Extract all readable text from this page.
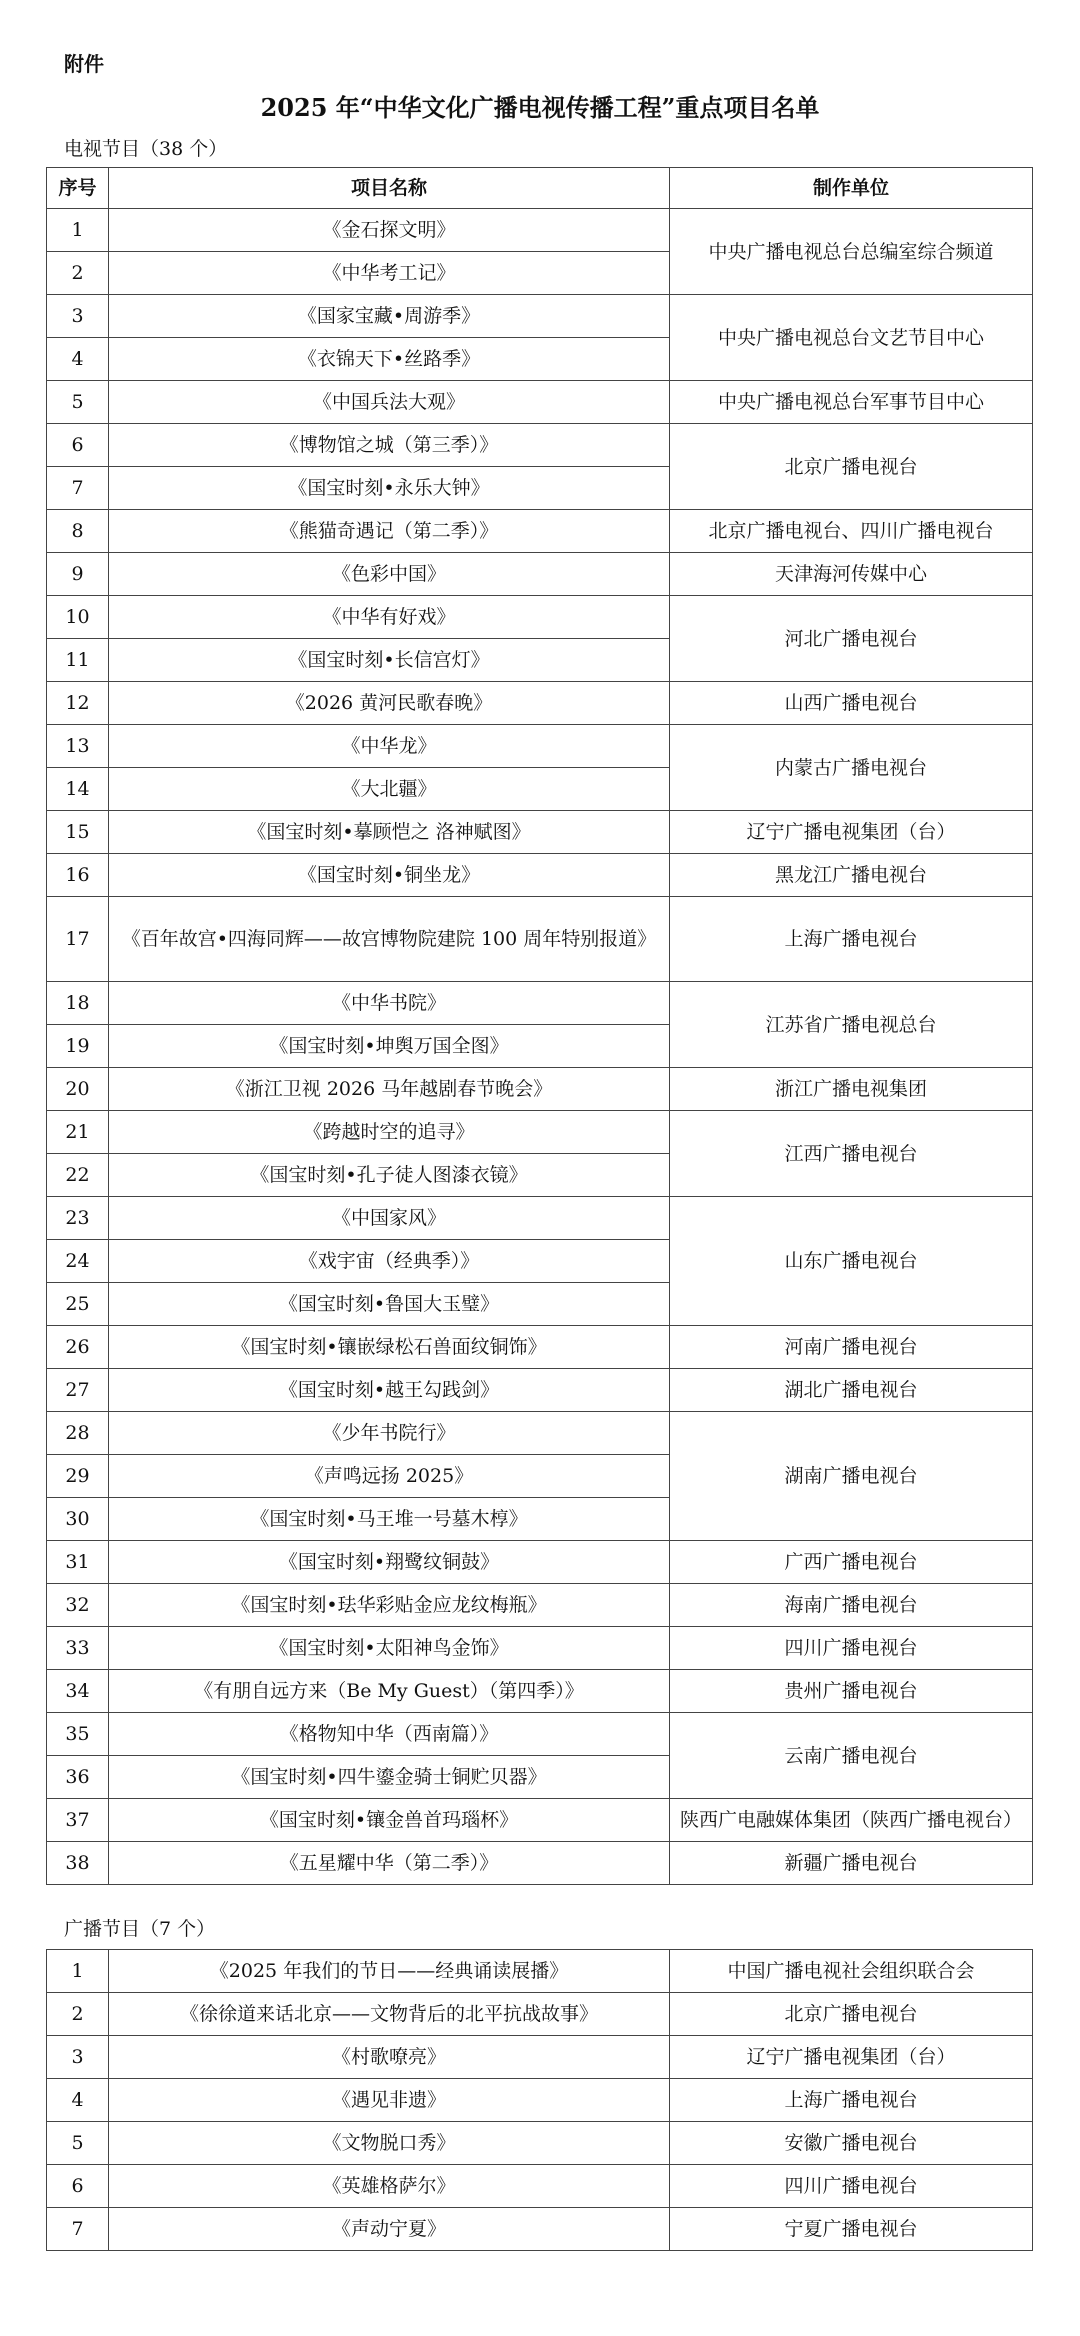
附件
2025 年“中华文化广播电视传播工程”重点项目名单
电视节目（38 个）
序号	项目名称	制作单位
1	《金石探文明》	中央广播电视总台总编室综合频道
2	《中华考工记》	
3	《国家宝藏•周游季》	中央广播电视总台文艺节目中心
4	《衣锦天下•丝路季》	
5	《中国兵法大观》	中央广播电视总台军事节目中心
6	《博物馆之城（第三季）》	北京广播电视台
7	《国宝时刻•永乐大钟》	
8	《熊猫奇遇记（第二季）》	北京广播电视台、四川广播电视台
9	《色彩中国》	天津海河传媒中心
10	《中华有好戏》	河北广播电视台
11	《国宝时刻•长信宫灯》	
12	《2026 黄河民歌春晚》	山西广播电视台
13	《中华龙》	内蒙古广播电视台
14	《大北疆》	
15	《国宝时刻•摹顾恺之 洛神赋图》	辽宁广播电视集团（台）
16	《国宝时刻•铜坐龙》	黑龙江广播电视台
17	《百年故宫•四海同辉——故宫博物院建院 100 周年特别报道》	上海广播电视台
18	《中华书院》	江苏省广播电视总台
19	《国宝时刻•坤舆万国全图》	
20	《浙江卫视 2026 马年越剧春节晚会》	浙江广播电视集团
21	《跨越时空的追寻》	江西广播电视台
22	《国宝时刻•孔子徒人图漆衣镜》	
23	《中国家风》	山东广播电视台
24	《戏宇宙（经典季）》	
25	《国宝时刻•鲁国大玉璧》	
26	《国宝时刻•镶嵌绿松石兽面纹铜饰》	河南广播电视台
27	《国宝时刻•越王勾践剑》	湖北广播电视台
28	《少年书院行》	湖南广播电视台
29	《声鸣远扬 2025》	
30	《国宝时刻•马王堆一号墓木椁》	
31	《国宝时刻•翔鹭纹铜鼓》	广西广播电视台
32	《国宝时刻•珐华彩贴金应龙纹梅瓶》	海南广播电视台
33	《国宝时刻•太阳神鸟金饰》	四川广播电视台
34	《有朋自远方来（Be My Guest）（第四季）》	贵州广播电视台
35	《格物知中华（西南篇）》	云南广播电视台
36	《国宝时刻•四牛鎏金骑士铜贮贝器》	
37	《国宝时刻•镶金兽首玛瑙杯》	陕西广电融媒体集团（陕西广播电视台）
38	《五星耀中华（第二季）》	新疆广播电视台
广播节目（7 个）
1	《2025 年我们的节日——经典诵读展播》	中国广播电视社会组织联合会
2	《徐徐道来话北京——文物背后的北平抗战故事》	北京广播电视台
3	《村歌嘹亮》	辽宁广播电视集团（台）
4	《遇见非遗》	上海广播电视台
5	《文物脱口秀》	安徽广播电视台
6	《英雄格萨尔》	四川广播电视台
7	《声动宁夏》	宁夏广播电视台
